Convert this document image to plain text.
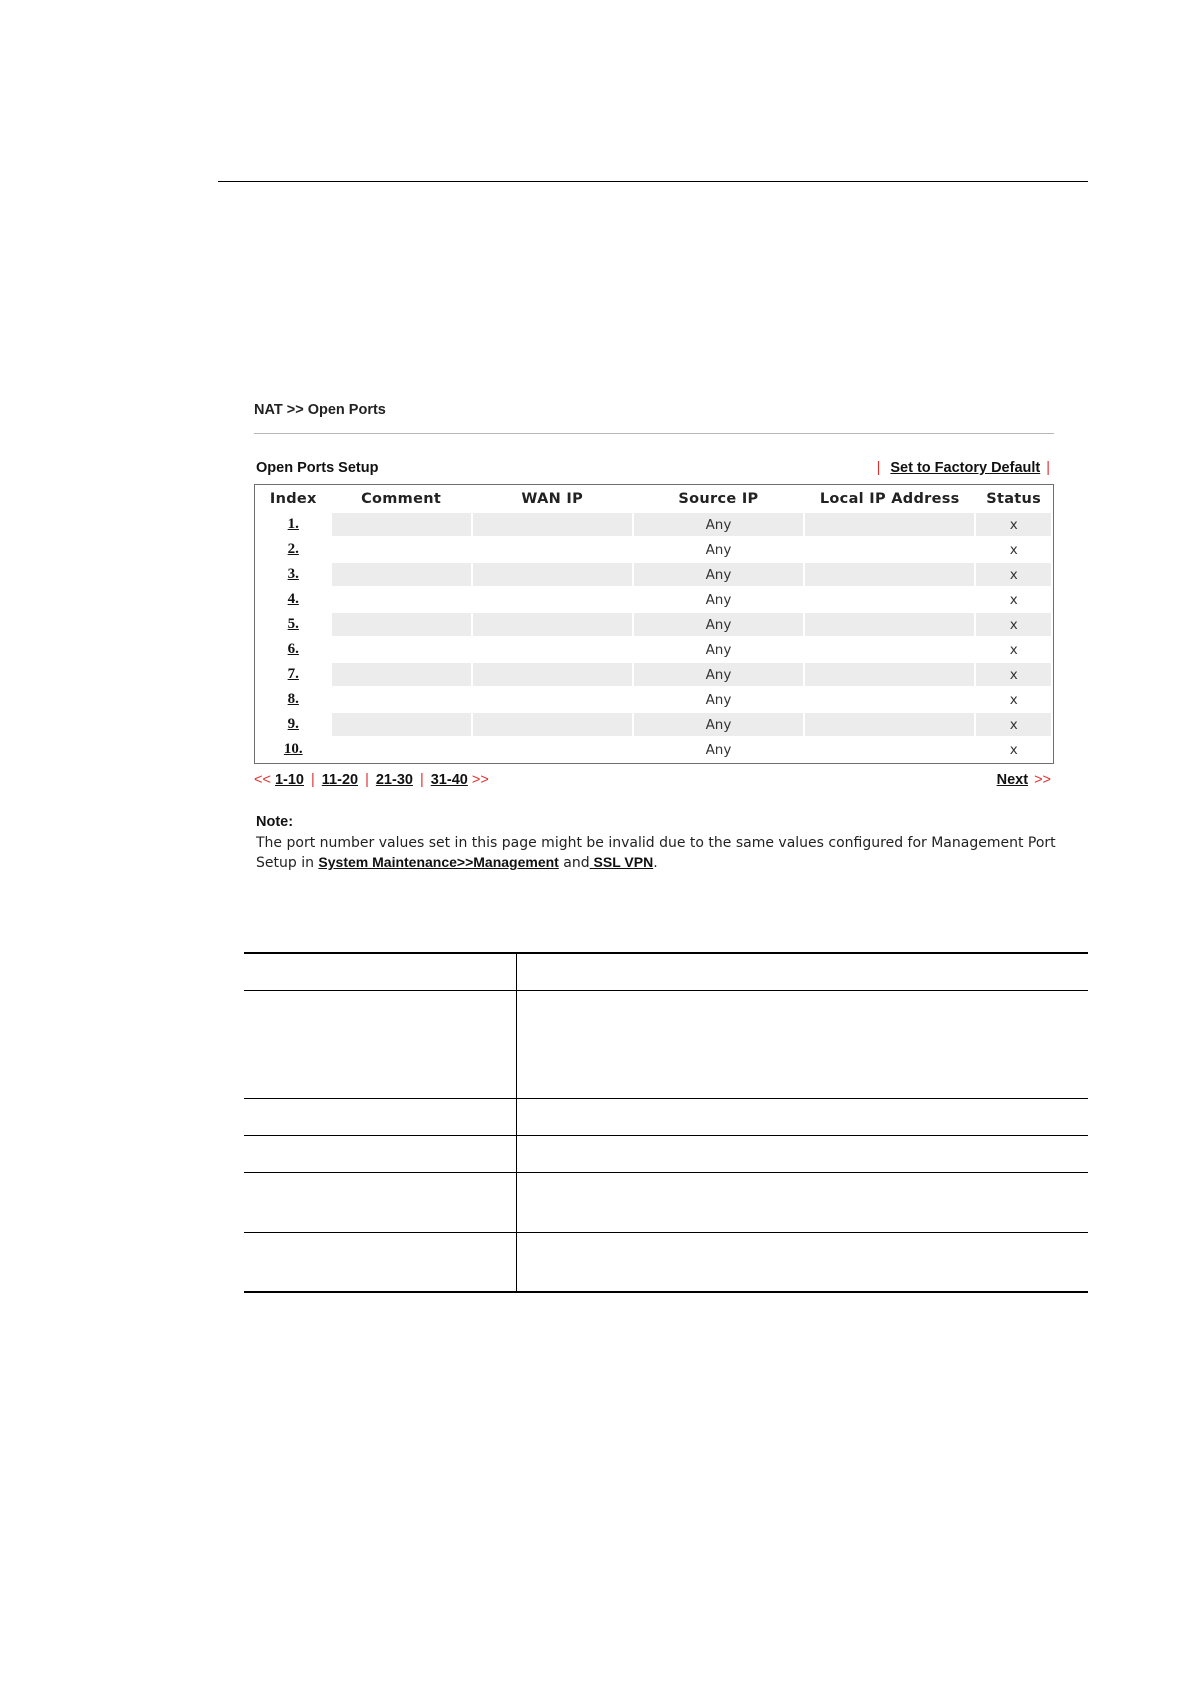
NAT >> Open Ports
Open Ports Setup	| Set to Factory Default |
Index	Comment	WAN IP	Source IP	Local IP Address	Status
1.			Any		x
2.			Any		x
3.			Any		x
4.			Any		x
5.			Any		x
6.			Any		x
7.			Any		x
8.			Any		x
9.			Any		x
10.			Any		x
<< 1-10 | 11-20 | 21-30 | 31-40 >>	Next >>
Note:
The port number values set in this page might be invalid due to the same values configured for Management Port Setup in System Maintenance>>Management and SSL VPN.
